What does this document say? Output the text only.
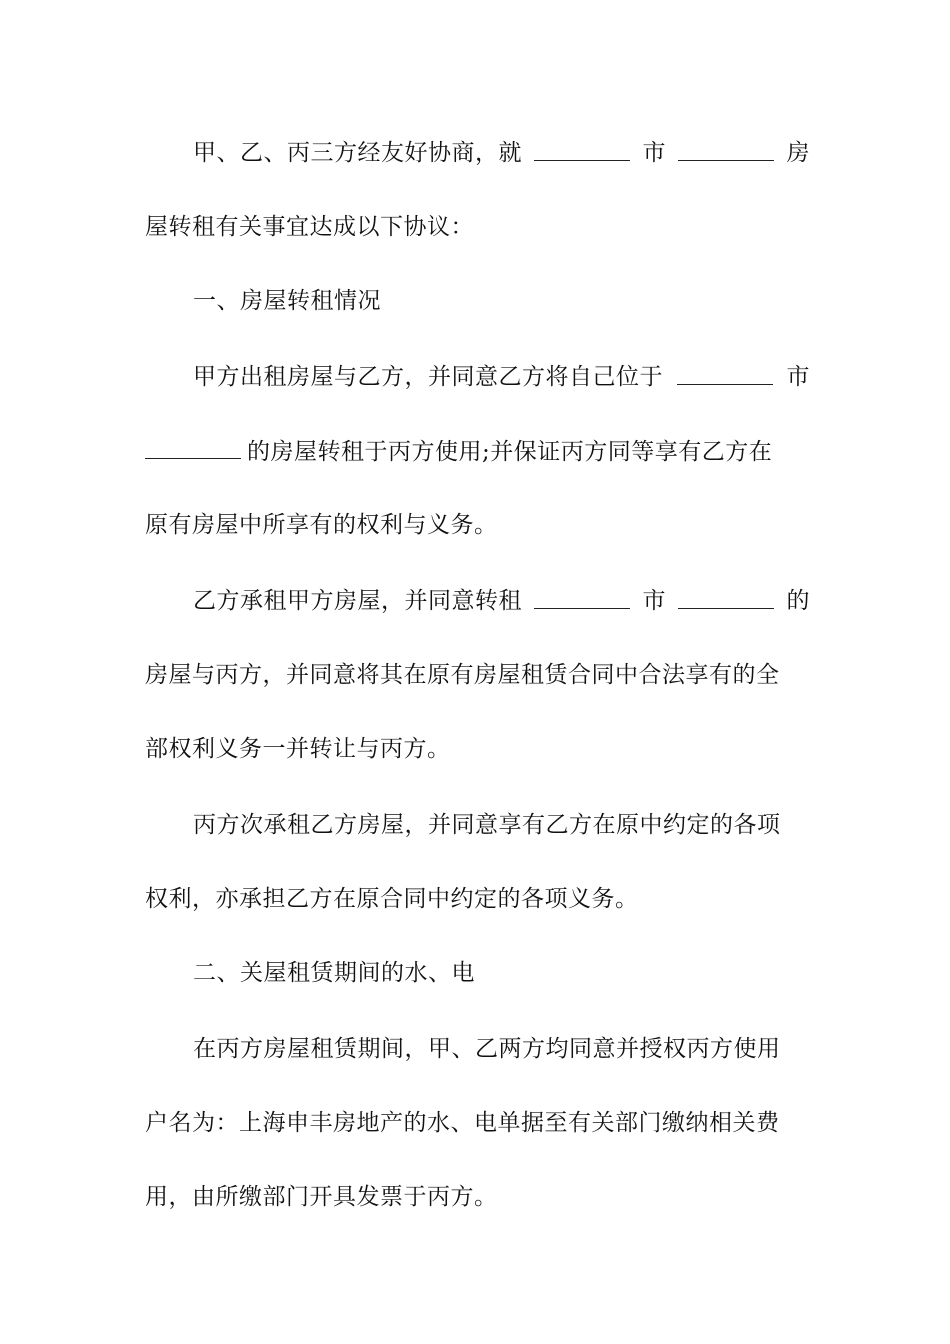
甲、乙、丙三方经友好协商，就	市	房
屋转租有关事宜达成以下协议：
一、房屋转租情况
甲方出租房屋与乙方，并同意乙方将自己位于	市
的房屋转租于丙方使用;并保证丙方同等享有乙方在
原有房屋中所享有的权利与义务。
乙方承租甲方房屋，并同意转租	市	的
房屋与丙方，并同意将其在原有房屋租赁合同中合法享有的全
部权利义务一并转让与丙方。
丙方次承租乙方房屋，并同意享有乙方在原中约定的各项
权利，亦承担乙方在原合同中约定的各项义务。
二、关屋租赁期间的水、电
在丙方房屋租赁期间，甲、乙两方均同意并授权丙方使用
户名为：上海申丰房地产的水、电单据至有关部门缴纳相关费
用，由所缴部门开具发票于丙方。
